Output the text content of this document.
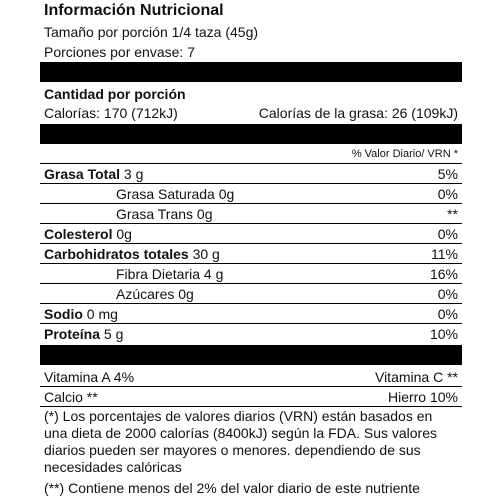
Información Nutricional
Tamaño por porción 1/4 taza (45g)
Porciones por envase: 7
Cantidad por porción
Calorías: 170 (712kJ)	Calorías de la grasa: 26 (109kJ)
% Valor Diario/ VRN *
Grasa Total 3 g	5%
Grasa Saturada 0g	0%
Grasa Trans 0g	**
Colesterol 0g	0%
Carbohidratos totales 30 g	11%
Fibra Dietaria 4 g	16%
Azúcares 0g	0%
Sodio 0 mg	0%
Proteína 5 g	10%
Vitamina A 4%	Vitamina C **
Calcio **	Hierro 10%
(*) Los porcentajes de valores diarios (VRN) están basados en una dieta de 2000 calorías (8400kJ) según la FDA. Sus valores diarios pueden ser mayores o menores. dependiendo de sus necesidades calóricas
(**) Contiene menos del 2% del valor diario de este nutriente
